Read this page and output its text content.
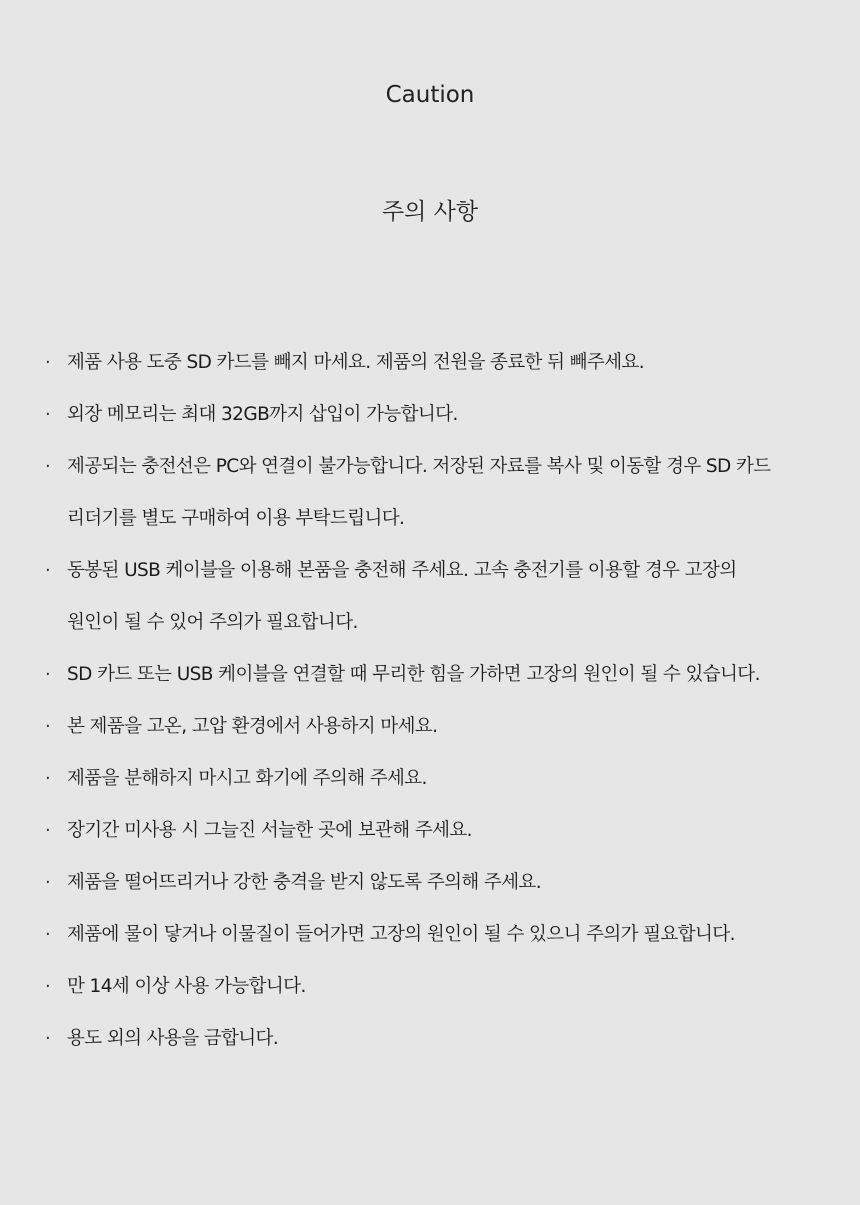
Caution
주의 사항
· 제품 사용 도중 SD 카드를 빼지 마세요. 제품의 전원을 종료한 뒤 빼주세요.
· 외장 메모리는 최대 32GB까지 삽입이 가능합니다.
· 제공되는 충전선은 PC와 연결이 불가능합니다. 저장된 자료를 복사 및 이동할 경우 SD 카드
리더기를 별도 구매하여 이용 부탁드립니다.
· 동봉된 USB 케이블을 이용해 본품을 충전해 주세요. 고속 충전기를 이용할 경우 고장의
원인이 될 수 있어 주의가 필요합니다.
· SD 카드 또는 USB 케이블을 연결할 때 무리한 힘을 가하면 고장의 원인이 될 수 있습니다.
· 본 제품을 고온, 고압 환경에서 사용하지 마세요.
· 제품을 분해하지 마시고 화기에 주의해 주세요.
· 장기간 미사용 시 그늘진 서늘한 곳에 보관해 주세요.
· 제품을 떨어뜨리거나 강한 충격을 받지 않도록 주의해 주세요.
· 제품에 물이 닿거나 이물질이 들어가면 고장의 원인이 될 수 있으니 주의가 필요합니다.
· 만 14세 이상 사용 가능합니다.
· 용도 외의 사용을 금합니다.
